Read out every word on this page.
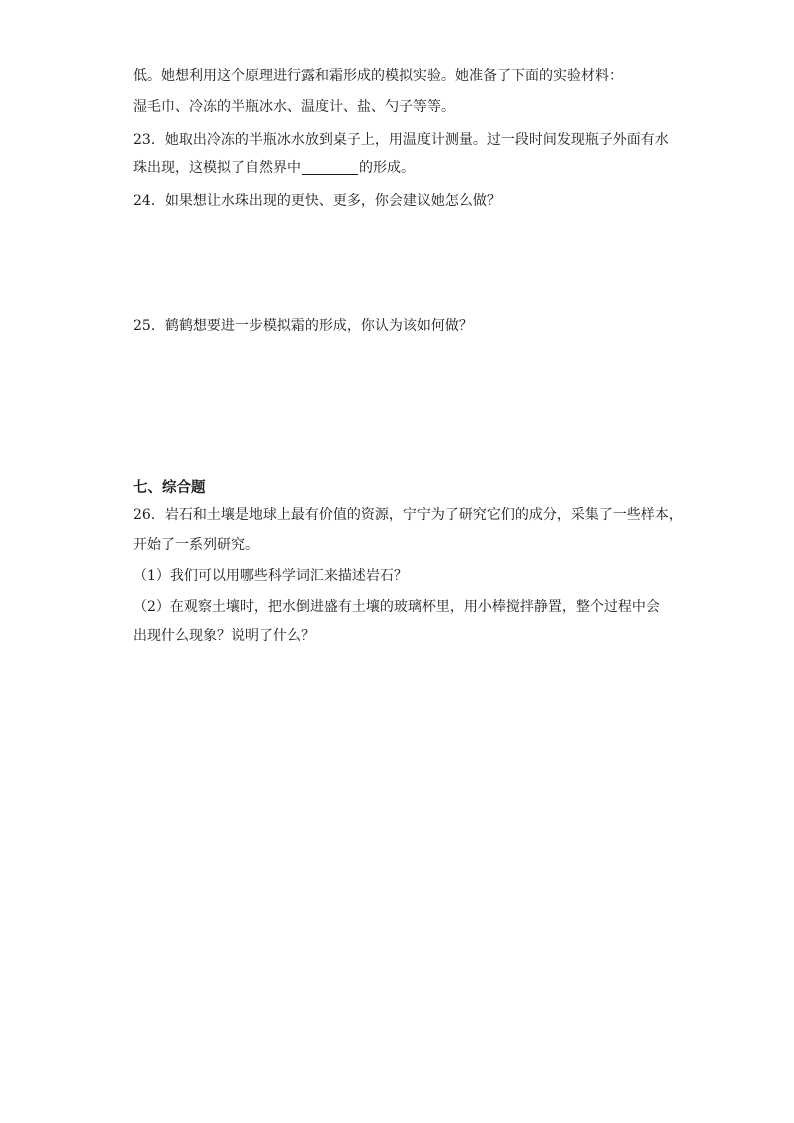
低。她想利用这个原理进行露和霜形成的模拟实验。她准备了下面的实验材料：

湿毛巾、冷冻的半瓶冰水、温度计、盐、勺子等等。

23．她取出冷冻的半瓶冰水放到桌子上，用温度计测量。过一段时间发现瓶子外面有水

珠出现，这模拟了自然界中	的形成。

24．如果想让水珠出现的更快、更多，你会建议她怎么做？

25．鹤鹤想要进一步模拟霜的形成，你认为该如何做？

七、综合题

26．岩石和土壤是地球上最有价值的资源，宁宁为了研究它们的成分，采集了一些样本，

开始了一系列研究。

（1）我们可以用哪些科学词汇来描述岩石？

（2）在观察土壤时，把水倒进盛有土壤的玻璃杯里，用小棒搅拌静置，整个过程中会

出现什么现象？说明了什么？
